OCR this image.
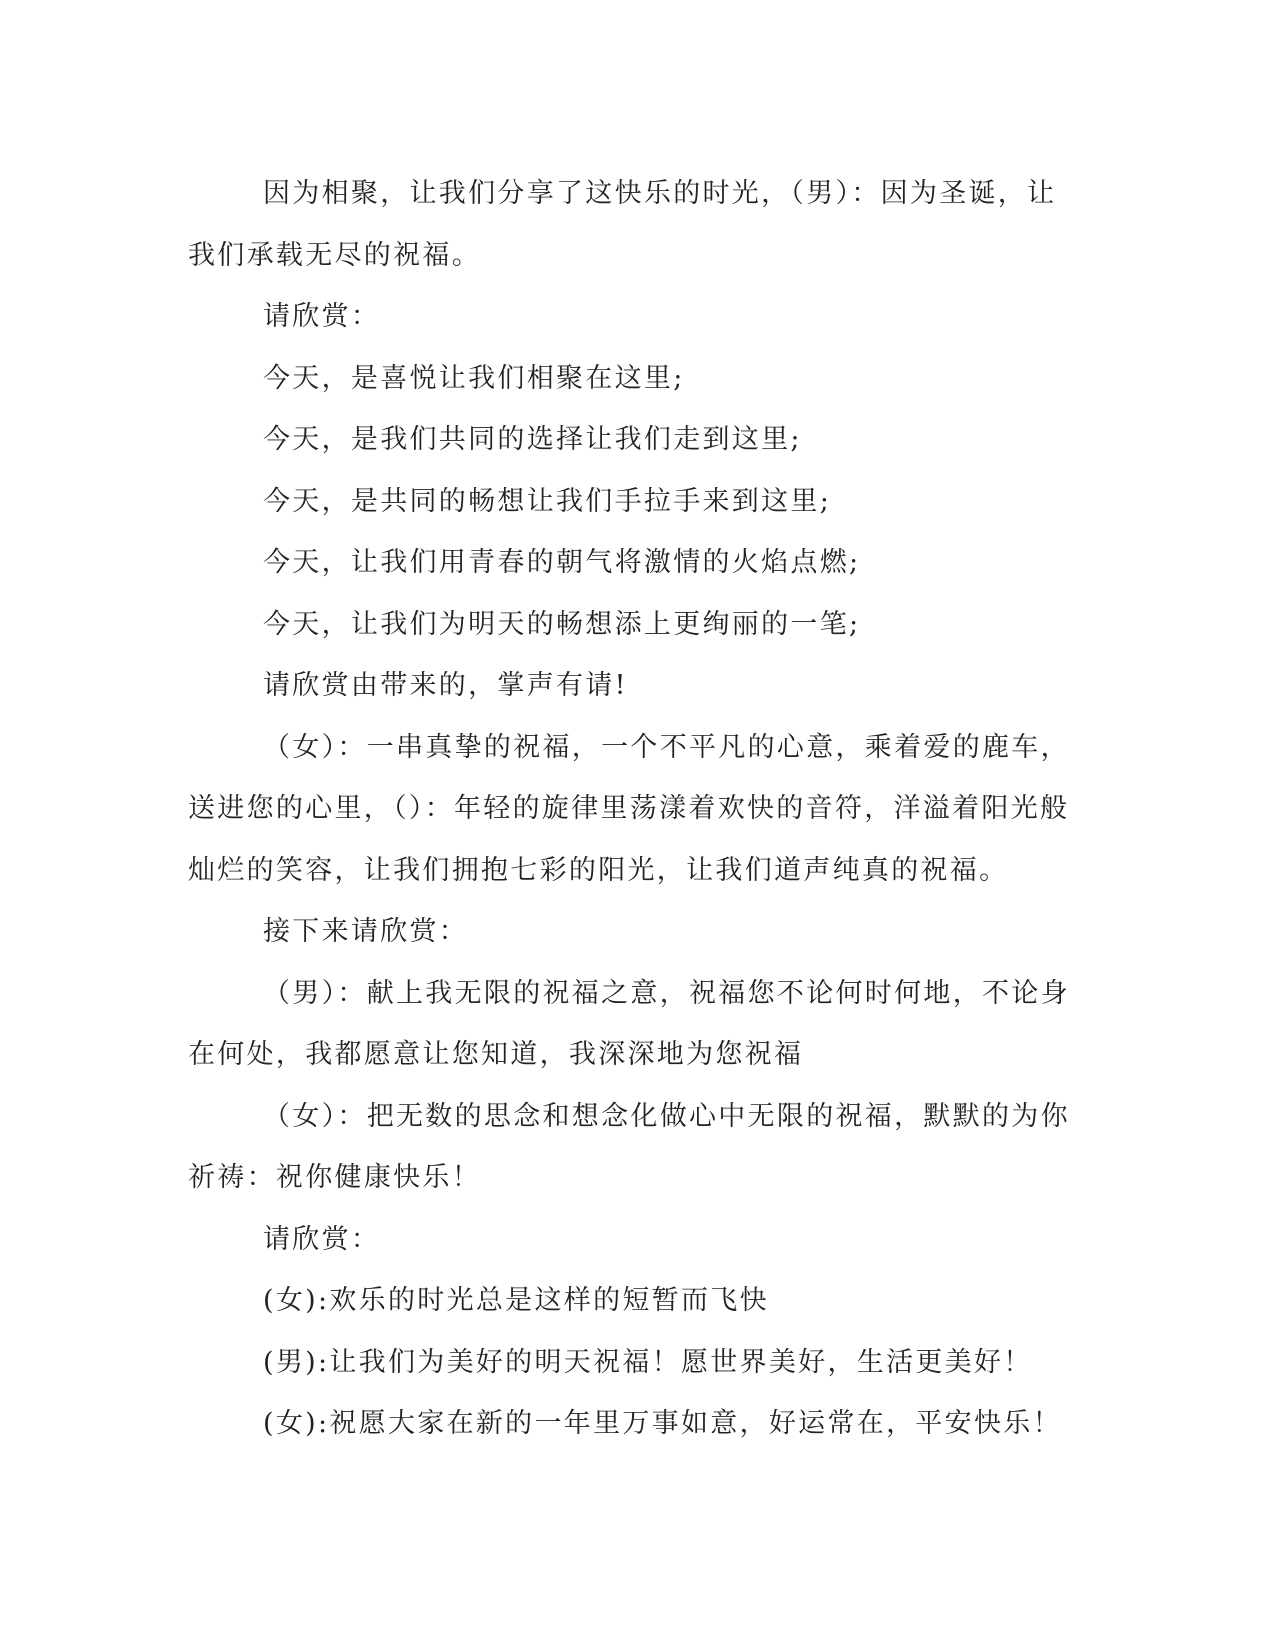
因为相聚，让我们分享了这快乐的时光，（男）：因为圣诞，让我们承载无尽的祝福。

请欣赏：

今天，是喜悦让我们相聚在这里;

今天，是我们共同的选择让我们走到这里;

今天，是共同的畅想让我们手拉手来到这里;

今天，让我们用青春的朝气将激情的火焰点燃;

今天，让我们为明天的畅想添上更绚丽的一笔;

请欣赏由带来的，掌声有请!

（女）：一串真挚的祝福，一个不平凡的心意，乘着爱的鹿车，送进您的心里，（）：年轻的旋律里荡漾着欢快的音符，洋溢着阳光般灿烂的笑容，让我们拥抱七彩的阳光，让我们道声纯真的祝福。

接下来请欣赏：

（男）：献上我无限的祝福之意，祝福您不论何时何地，不论身在何处，我都愿意让您知道，我深深地为您祝福

（女）：把无数的思念和想念化做心中无限的祝福，默默的为你祈祷：祝你健康快乐！

请欣赏：

(女):欢乐的时光总是这样的短暂而飞快

(男):让我们为美好的明天祝福！愿世界美好，生活更美好！

(女):祝愿大家在新的一年里万事如意，好运常在，平安快乐！
